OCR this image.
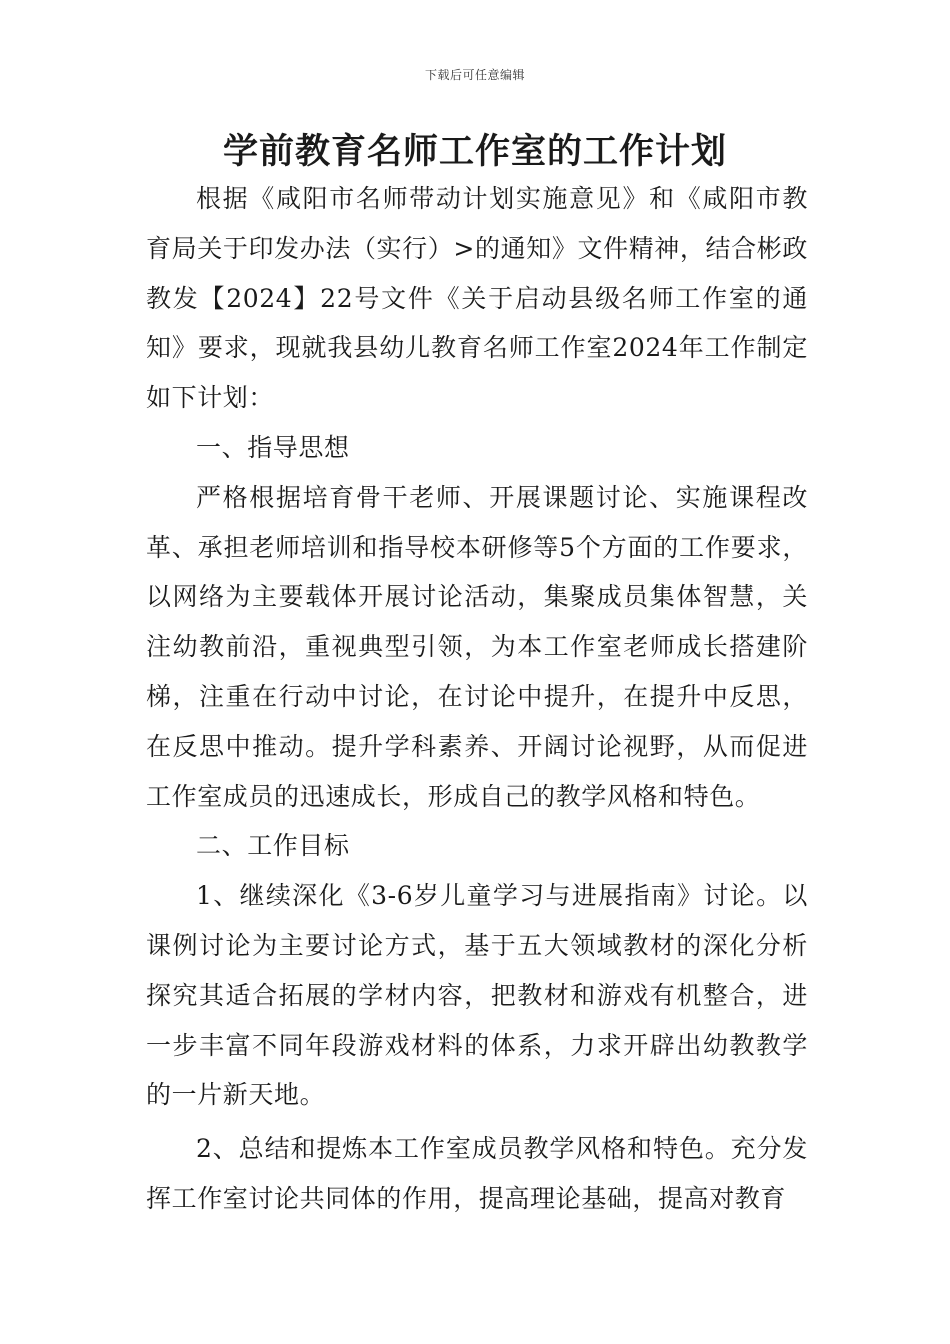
下载后可任意编辑
学前教育名师工作室的工作计划

根据《咸阳市名师带动计划实施意见》和《咸阳市教育局关于印发办法（实行）>的通知》文件精神，结合彬政教发【2024】22号文件《关于启动县级名师工作室的通知》要求，现就我县幼儿教育名师工作室2024年工作制定如下计划：

一、指导思想

严格根据培育骨干老师、开展课题讨论、实施课程改革、承担老师培训和指导校本研修等5个方面的工作要求，以网络为主要载体开展讨论活动，集聚成员集体智慧，关注幼教前沿，重视典型引领，为本工作室老师成长搭建阶梯，注重在行动中讨论，在讨论中提升，在提升中反思，在反思中推动。提升学科素养、开阔讨论视野，从而促进工作室成员的迅速成长，形成自己的教学风格和特色。

二、工作目标

1、继续深化《3-6岁儿童学习与进展指南》讨论。以课例讨论为主要讨论方式，基于五大领域教材的深化分析探究其适合拓展的学材内容，把教材和游戏有机整合，进一步丰富不同年段游戏材料的体系，力求开辟出幼教教学的一片新天地。

2、总结和提炼本工作室成员教学风格和特色。充分发挥工作室讨论共同体的作用，提高理论基础，提高对教育
